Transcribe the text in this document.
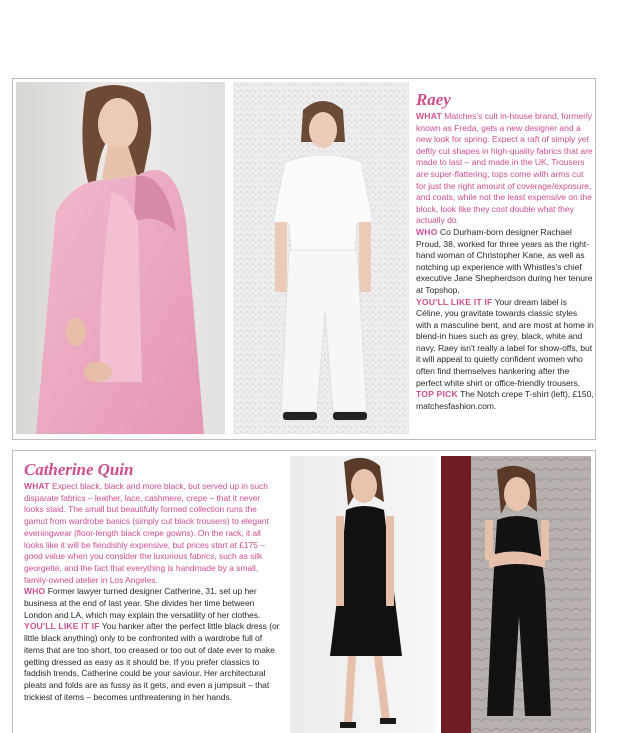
Raey

WHAT Matches's cult in-house brand, formerly known as Freda, gets a new designer and a new look for spring. Expect a raft of simply yet deftly cut shapes in high-quality fabrics that are made to last – and made in the UK. Trousers are super-flattering, tops come with arms cut for just the right amount of coverage/exposure, and coats, while not the least expensive on the block, look like they cost double what they actually do.

WHO Co Durham-born designer Rachael Proud, 38, worked for three years as the right-hand woman of Christopher Kane, as well as notching up experience with Whistles's chief executive Jane Shepherdson during her tenure at Topshop.

YOU'LL LIKE IT IF Your dream label is Céline, you gravitate towards classic styles with a masculine bent, and are most at home in blend-in hues such as grey, black, white and navy. Raey isn't really a label for show-offs, but it will appeal to quietly confident women who often find themselves hankering after the perfect white shirt or office-friendly trousers.

TOP PICK The Notch crepe T-shirt (left), £150, matchesfashion.com.

Catherine Quin

WHAT Expect black, black and more black, but served up in such disparate fabrics – leather, lace, cashmere, crepe – that it never looks staid. The small but beautifully formed collection runs the gamut from wardrobe basics (simply cut black trousers) to elegant eveningwear (floor-length black crepe gowns). On the rack, it all looks like it will be fiendishly expensive, but prices start at £175 – good value when you consider the luxurious fabrics, such as silk georgette, and the fact that everything is handmade by a small, family-owned atelier in Los Angeles.

WHO Former lawyer turned designer Catherine, 31, set up her business at the end of last year. She divides her time between London and LA, which may explain the versatility of her clothes.

YOU'LL LIKE IT IF You hanker after the perfect little black dress (or little black anything) only to be confronted with a wardrobe full of items that are too short, too creased or too out of date ever to make getting dressed as easy as it should be. If you prefer classics to faddish trends, Catherine could be your saviour. Her architectural pleats and folds are as fussy as it gets, and even a jumpsuit – that trickiest of items – becomes unthreatening in her hands.
